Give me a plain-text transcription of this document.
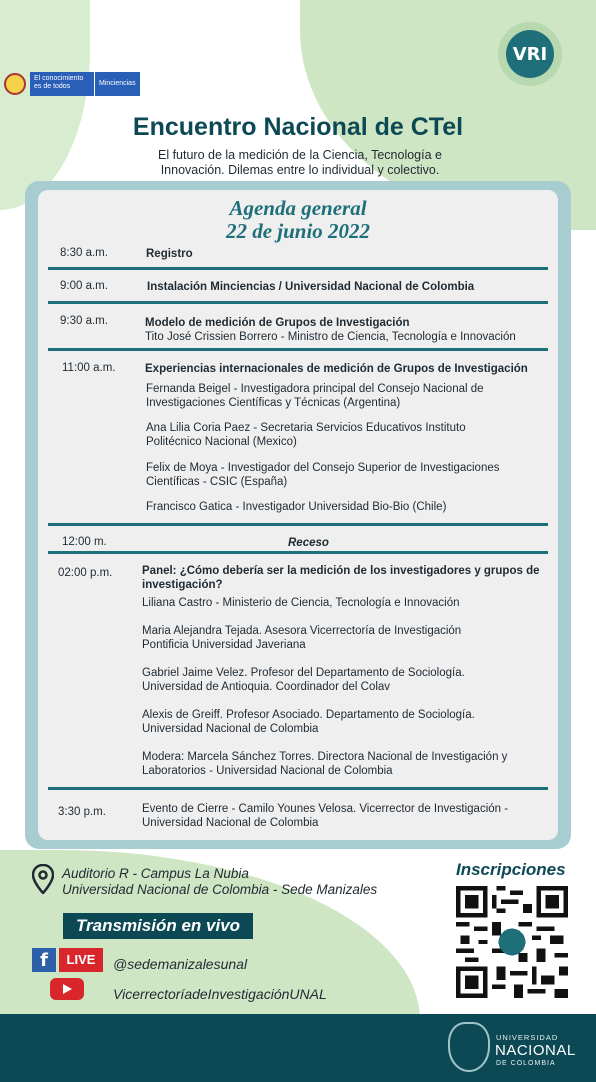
El conocimiento es de todos	Minciencias
VRI
Encuentro Nacional de CTel
El futuro de la medición de la Ciencia, Tecnología e Innovación. Dilemas entre lo individual y colectivo.
Agenda general
22 de junio 2022
8:30 a.m.	Registro
9:00 a.m.	Instalación Minciencias / Universidad Nacional de Colombia
9:30 a.m.	Modelo de medición de Grupos de Investigación
Tito José Crissien Borrero - Ministro de Ciencia, Tecnología e Innovación
11:00 a.m.	Experiencias internacionales de medición de Grupos de Investigación
Fernanda Beigel - Investigadora principal del Consejo Nacional de
Investigaciones Científicas y Técnicas (Argentina)
Ana Lilia Coria Paez - Secretaria Servicios Educativos Instituto
Politécnico Nacional (Mexico)
Felix de Moya - Investigador del Consejo Superior de Investigaciones
Científicas - CSIC (España)
Francisco Gatica - Investigador Universidad Bio-Bio (Chile)
12:00 m.	Receso
02:00 p.m.	Panel: ¿Cómo debería ser la medición de los investigadores y grupos de
investigación?
Liliana Castro - Ministerio de Ciencia, Tecnología e Innovación
Maria Alejandra Tejada. Asesora Vicerrectoría de Investigación
Pontificia Universidad Javeriana
Gabriel Jaime Velez. Profesor del Departamento de Sociología.
Universidad de Antioquia. Coordinador del Colav
Alexis de Greiff. Profesor Asociado. Departamento de Sociología.
Universidad Nacional de Colombia
Modera: Marcela Sánchez Torres. Directora Nacional de Investigación y
Laboratorios - Universidad Nacional de Colombia
3:30 p.m.	Evento de Cierre - Camilo Younes Velosa. Vicerrector de Investigación -
Universidad Nacional de Colombia
Auditorio R - Campus La Nubia
Universidad Nacional de Colombia - Sede Manizales
Transmisión en vivo
f	LIVE	@sedemanizalesunal
VicerrectoríadeInvestigaciónUNAL
Inscripciones
UNIVERSIDAD
NACIONAL
DE COLOMBIA
